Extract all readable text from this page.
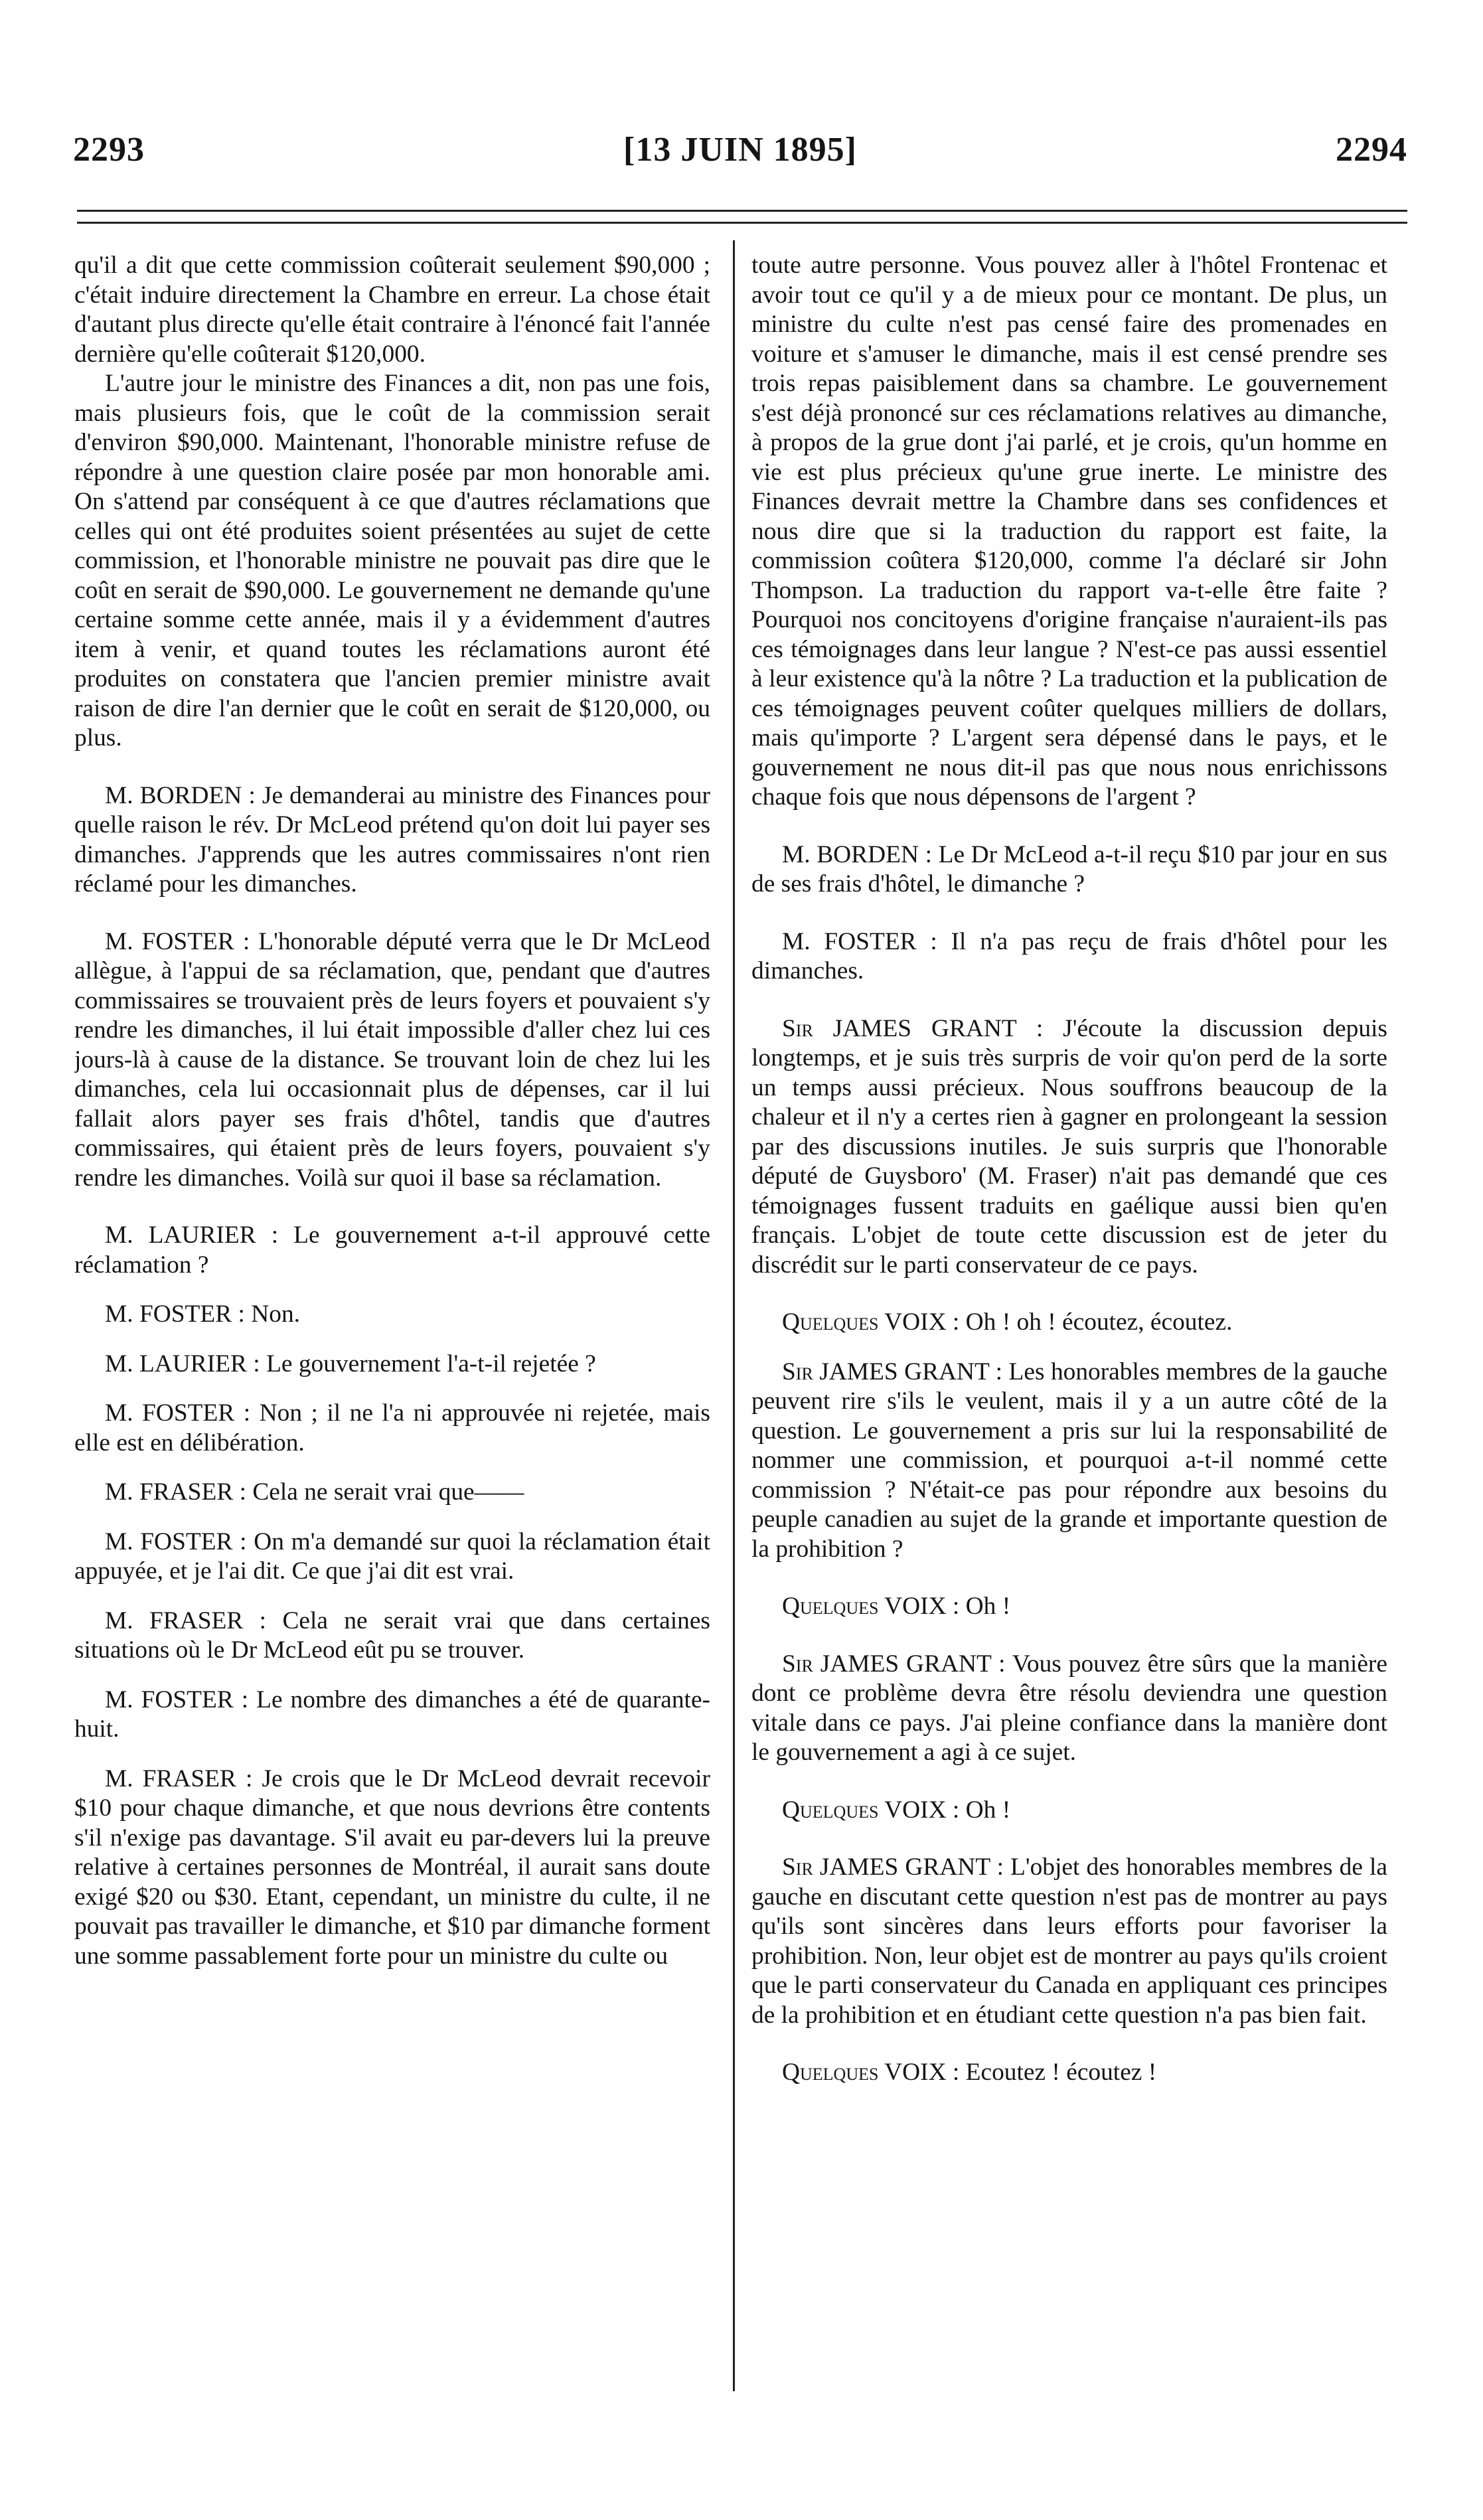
2293	[13 JUIN 1895]	2294

qu'il a dit que cette commission coûterait seulement $90,000 ; c'était induire directement la Chambre en erreur. La chose était d'autant plus directe qu'elle était contraire à l'énoncé fait l'année dernière qu'elle coûterait $120,000.

L'autre jour le ministre des Finances a dit, non pas une fois, mais plusieurs fois, que le coût de la commission serait d'environ $90,000. Maintenant, l'honorable ministre refuse de répondre à une question claire posée par mon honorable ami. On s'attend par conséquent à ce que d'autres réclamations que celles qui ont été produites soient présentées au sujet de cette commission, et l'honorable ministre ne pouvait pas dire que le coût en serait de $90,000. Le gouvernement ne demande qu'une certaine somme cette année, mais il y a évidemment d'autres item à venir, et quand toutes les réclamations auront été produites on constatera que l'ancien premier ministre avait raison de dire l'an dernier que le coût en serait de $120,000, ou plus.

M. BORDEN : Je demanderai au ministre des Finances pour quelle raison le rév. Dr McLeod prétend qu'on doit lui payer ses dimanches. J'apprends que les autres commissaires n'ont rien réclamé pour les dimanches.

M. FOSTER : L'honorable député verra que le Dr McLeod allègue, à l'appui de sa réclamation, que, pendant que d'autres commissaires se trouvaient près de leurs foyers et pouvaient s'y rendre les dimanches, il lui était impossible d'aller chez lui ces jours-là à cause de la distance. Se trouvant loin de chez lui les dimanches, cela lui occasionnait plus de dépenses, car il lui fallait alors payer ses frais d'hôtel, tandis que d'autres commissaires, qui étaient près de leurs foyers, pouvaient s'y rendre les dimanches. Voilà sur quoi il base sa réclamation.

M. LAURIER : Le gouvernement a-t-il approuvé cette réclamation ?

M. FOSTER : Non.

M. LAURIER : Le gouvernement l'a-t-il rejetée ?

M. FOSTER : Non ; il ne l'a ni approuvée ni rejetée, mais elle est en délibération.

M. FRASER : Cela ne serait vrai que——

M. FOSTER : On m'a demandé sur quoi la réclamation était appuyée, et je l'ai dit. Ce que j'ai dit est vrai.

M. FRASER : Cela ne serait vrai que dans certaines situations où le Dr McLeod eût pu se trouver.

M. FOSTER : Le nombre des dimanches a été de quarante-huit.

M. FRASER : Je crois que le Dr McLeod devrait recevoir $10 pour chaque dimanche, et que nous devrions être contents s'il n'exige pas davantage. S'il avait eu par-devers lui la preuve relative à certaines personnes de Montréal, il aurait sans doute exigé $20 ou $30. Etant, cependant, un ministre du culte, il ne pouvait pas travailler le dimanche, et $10 par dimanche forment une somme passablement forte pour un ministre du culte ou

toute autre personne. Vous pouvez aller à l'hôtel Frontenac et avoir tout ce qu'il y a de mieux pour ce montant. De plus, un ministre du culte n'est pas censé faire des promenades en voiture et s'amuser le dimanche, mais il est censé prendre ses trois repas paisiblement dans sa chambre. Le gouvernement s'est déjà prononcé sur ces réclamations relatives au dimanche, à propos de la grue dont j'ai parlé, et je crois, qu'un homme en vie est plus précieux qu'une grue inerte. Le ministre des Finances devrait mettre la Chambre dans ses confidences et nous dire que si la traduction du rapport est faite, la commission coûtera $120,000, comme l'a déclaré sir John Thompson. La traduction du rapport va-t-elle être faite ? Pourquoi nos concitoyens d'origine française n'auraient-ils pas ces témoignages dans leur langue ? N'est-ce pas aussi essentiel à leur existence qu'à la nôtre ? La traduction et la publication de ces témoignages peuvent coûter quelques milliers de dollars, mais qu'importe ? L'argent sera dépensé dans le pays, et le gouvernement ne nous dit-il pas que nous nous enrichissons chaque fois que nous dépensons de l'argent ?

M. BORDEN : Le Dr McLeod a-t-il reçu $10 par jour en sus de ses frais d'hôtel, le dimanche ?

M. FOSTER : Il n'a pas reçu de frais d'hôtel pour les dimanches.

Sir JAMES GRANT : J'écoute la discussion depuis longtemps, et je suis très surpris de voir qu'on perd de la sorte un temps aussi précieux. Nous souffrons beaucoup de la chaleur et il n'y a certes rien à gagner en prolongeant la session par des discussions inutiles. Je suis surpris que l'honorable député de Guysboro' (M. Fraser) n'ait pas demandé que ces témoignages fussent traduits en gaélique aussi bien qu'en français. L'objet de toute cette discussion est de jeter du discrédit sur le parti conservateur de ce pays.

Quelques VOIX : Oh ! oh ! écoutez, écoutez.

Sir JAMES GRANT : Les honorables membres de la gauche peuvent rire s'ils le veulent, mais il y a un autre côté de la question. Le gouvernement a pris sur lui la responsabilité de nommer une commission, et pourquoi a-t-il nommé cette commission ? N'était-ce pas pour répondre aux besoins du peuple canadien au sujet de la grande et importante question de la prohibition ?

Quelques VOIX : Oh !

Sir JAMES GRANT : Vous pouvez être sûrs que la manière dont ce problème devra être résolu deviendra une question vitale dans ce pays. J'ai pleine confiance dans la manière dont le gouvernement a agi à ce sujet.

Quelques VOIX : Oh !

Sir JAMES GRANT : L'objet des honorables membres de la gauche en discutant cette question n'est pas de montrer au pays qu'ils sont sincères dans leurs efforts pour favoriser la prohibition. Non, leur objet est de montrer au pays qu'ils croient que le parti conservateur du Canada en appliquant ces principes de la prohibition et en étudiant cette question n'a pas bien fait.

Quelques VOIX : Ecoutez ! écoutez !
